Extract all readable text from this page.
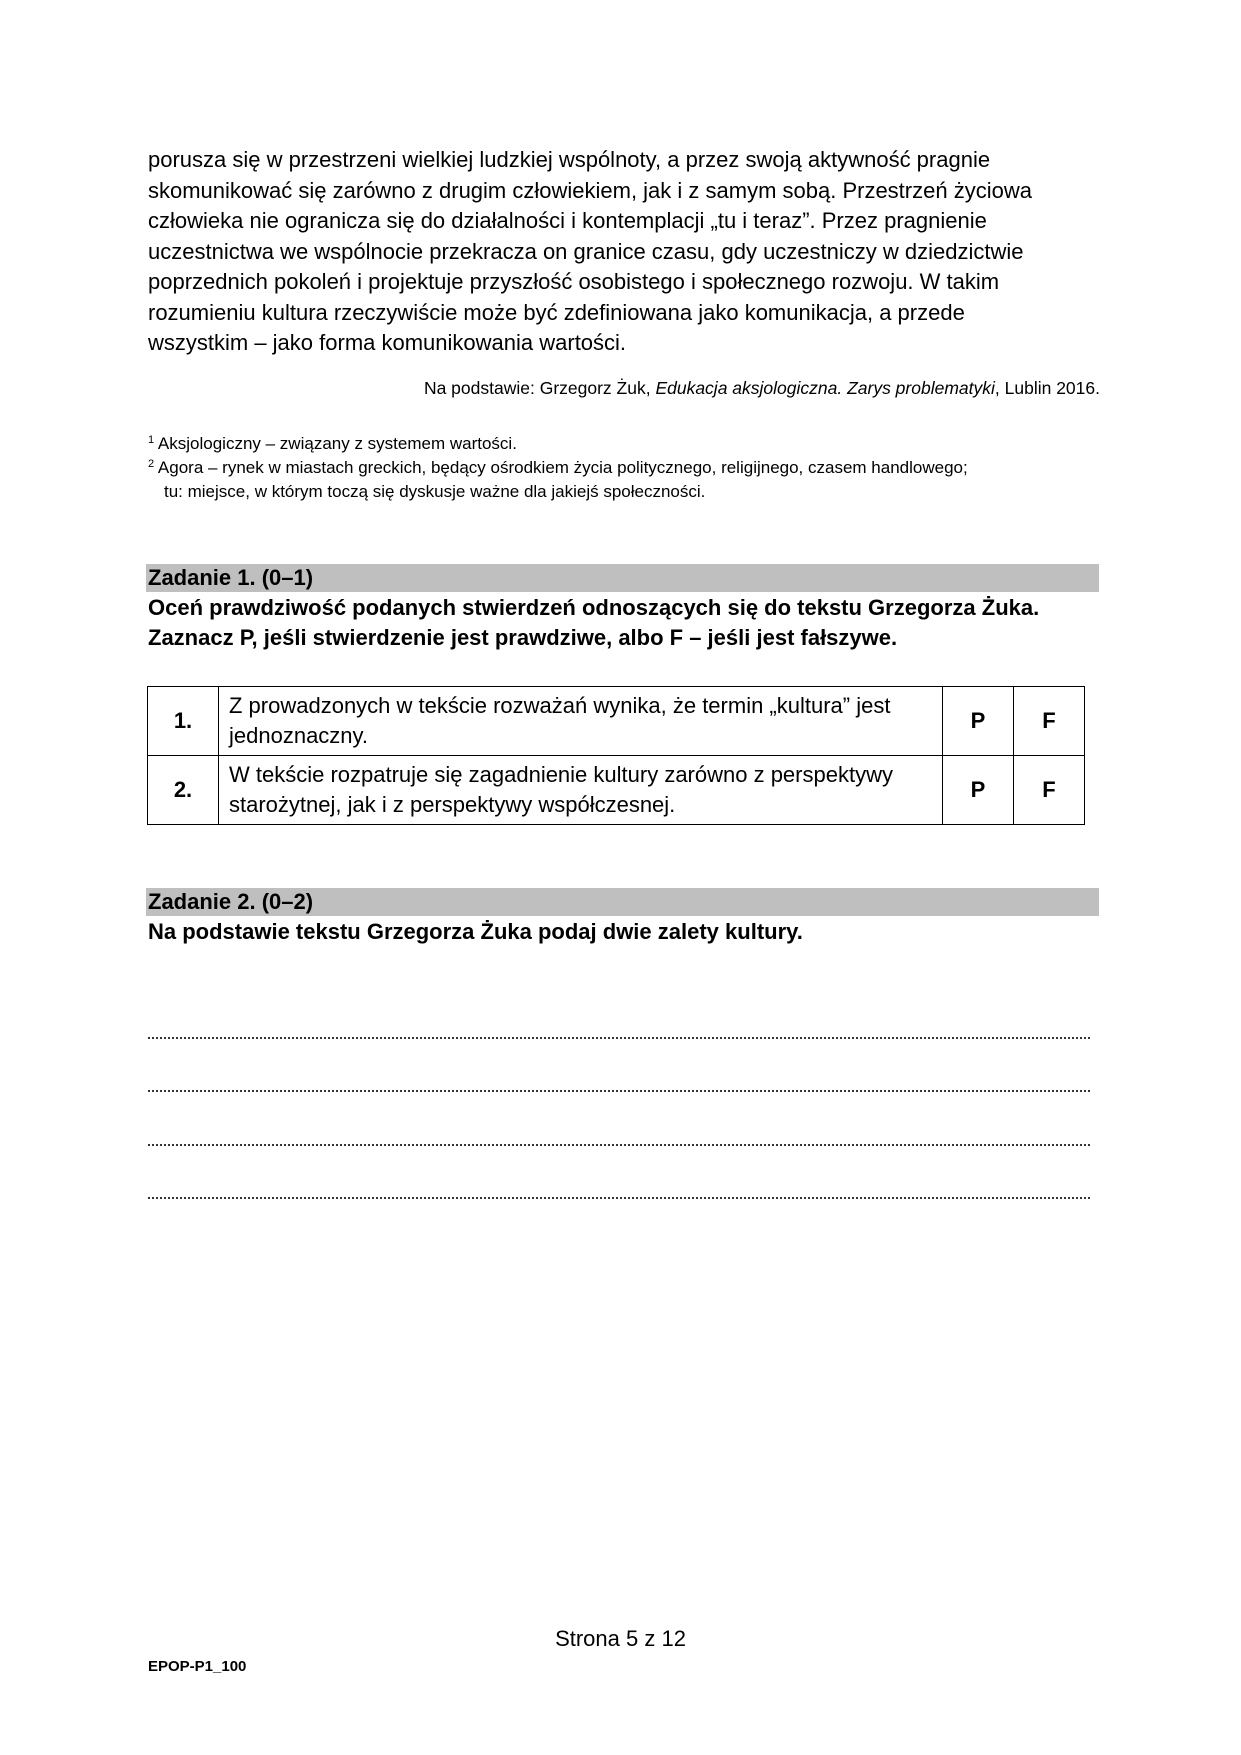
porusza się w przestrzeni wielkiej ludzkiej wspólnoty, a przez swoją aktywność pragnie

skomunikować się zarówno z drugim człowiekiem, jak i z samym sobą. Przestrzeń życiowa

człowieka nie ogranicza się do działalności i kontemplacji „tu i teraz”. Przez pragnienie

uczestnictwa we wspólnocie przekracza on granice czasu, gdy uczestniczy w dziedzictwie

poprzednich pokoleń i projektuje przyszłość osobistego i społecznego rozwoju. W takim

rozumieniu kultura rzeczywiście może być zdefiniowana jako komunikacja, a przede

wszystkim – jako forma komunikowania wartości.

Na podstawie: Grzegorz Żuk, Edukacja aksjologiczna. Zarys problematyki, Lublin 2016.

$^1$ Aksjologiczny – związany z systemem wartości.

$^2$ Agora – rynek w miastach greckich, będący ośrodkiem życia politycznego, religijnego, czasem handlowego;

tu: miejsce, w którym toczą się dyskusje ważne dla jakiejś społeczności.

Zadanie 1. (0–1)

Oceń prawdziwość podanych stwierdzeń odnoszących się do tekstu Grzegorza Żuka.

Zaznacz P, jeśli stwierdzenie jest prawdziwe, albo F – jeśli jest fałszywe.

1.	Z prowadzonych w tekście rozważań wynika, że termin „kultura” jest jednoznaczny.	P	F
2.	W tekście rozpatruje się zagadnienie kultury zarówno z perspektywy starożytnej, jak i z perspektywy współczesnej.	P	F
Zadanie 2. (0–2)

Na podstawie tekstu Grzegorza Żuka podaj dwie zalety kultury.

Strona 5 z 12
EPOP-P1_100
